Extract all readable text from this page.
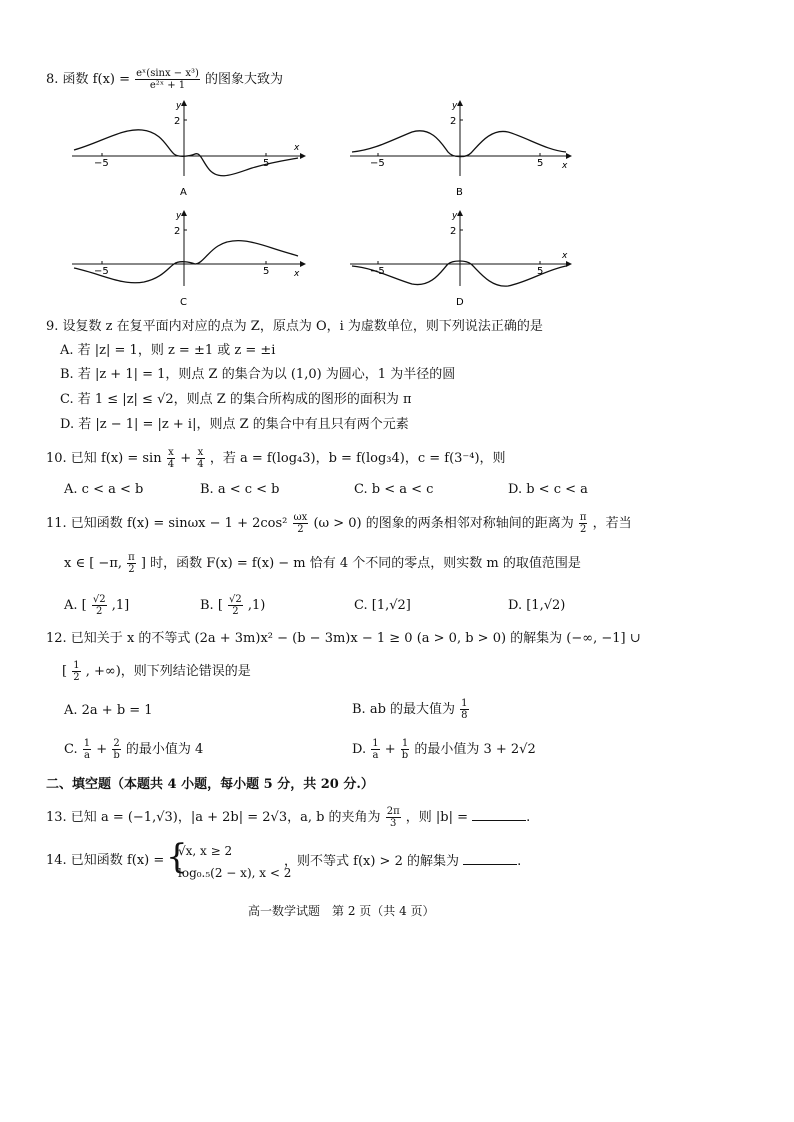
8. 函数 $f(x) = \frac{\text{eˣ(sinx − x³)}}{\text{e²ˣ + 1}}$ 的图象大致为
2
y
x
−5	5
A
2
y
x
−5	5
B
2
y
x
−5	5
C
2
y
x
−5	5
D
9. 设复数 z 在复平面内对应的点为 Z，原点为 O，i 为虚数单位，则下列说法正确的是
A. 若 |z| = 1，则 z = ±1 或 z = ±i
B. 若 |z + 1| = 1，则点 Z 的集合为以 (1,0) 为圆心，1 为半径的圆
C. 若 1 ≤ |z| ≤ √2，则点 Z 的集合所构成的图形的面积为 π
D. 若 |z − 1| = |z + i|，则点 Z 的集合中有且只有两个元素
10. 已知 $f(x) = \sin \frac{x}{4} + \frac{x}{4}$ ，若 a = f(log₄3)，b = f(log₃4)，c = f(3⁻⁴)，则
A. c < a < b	B. a < c < b	C. b < a < c	D. b < c < a
11. 已知函数 $f(x) = \sin\omega x - 1 + 2\cos^2 \frac{\omega x}{2} (\omega > 0)$ 的图象的两条相邻对称轴间的距离为 $\frac{\pi}{2}$ ，若当
x ∈ [ −π, $\frac{\pi}{2}$ ] 时，函数 F(x) = f(x) − m 恰有 4 个不同的零点，则实数 m 的取值范围是
A. [ $\frac{√2}{2} ,1$]	B. [ $\frac{√2}{2} ,1$)	C. [1,√2]	D. [1,√2)
12. 已知关于 x 的不等式 (2a + 3m)x² − (b − 3m)x − 1 ≥ 0 (a > 0, b > 0) 的解集为 (−∞, −1] ∪
[ $\frac{1}{2}$ , +∞)，则下列结论错误的是
A. 2a + b = 1	B. ab 的最大值为 $\frac{1}{8}$
C. $\frac{1}{a} + \frac{2}{b}$ 的最小值为 4	D. $\frac{1}{a} + \frac{1}{b}$ 的最小值为 3 + 2√2
二、填空题（本题共 4 小题，每小题 5 分，共 20 分.）
13. 已知 a = (−1,√3)，|a + 2b| = 2√3，a, b 的夹角为 $\frac{2\pi}{3}$ ，则 |b| =	.
14. 已知函数 f(x) = {
√x, x ≥ 2
log₀.₅(2 − x), x < 2
，则不等式 f(x) > 2 的解集为	.
高一数学试题　第 2 页（共 4 页）
